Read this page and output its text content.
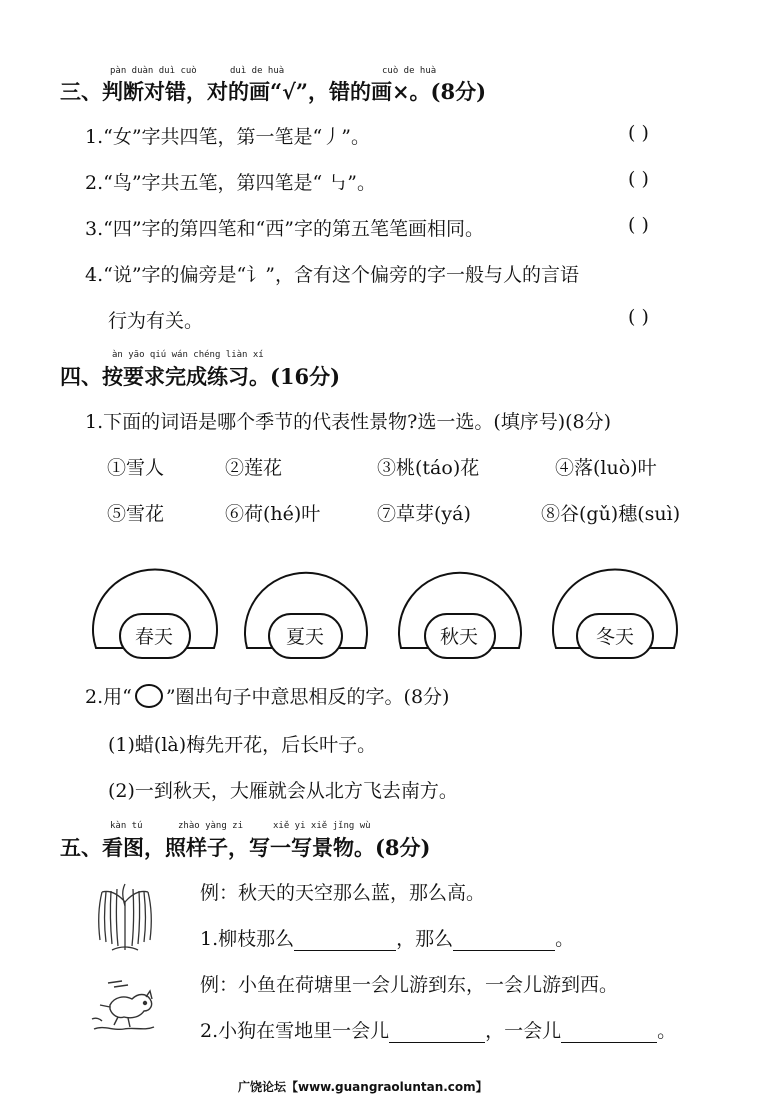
pàn duàn duì cuò	duì de huà	cuò de huà
三、判断对错，对的画“√”，错的画×。(8分)
1.“女”字共四笔，第一笔是“丿”。	( )
2.“鸟”字共五笔，第四笔是“ ㇉”。	( )
3.“四”字的第四笔和“西”字的第五笔笔画相同。	( )
4.“说”字的偏旁是“讠”，含有这个偏旁的字一般与人的言语
行为有关。	( )
àn yāo qiú wán chéng liàn xí
四、按要求完成练习。(16分)
1.下面的词语是哪个季节的代表性景物?选一选。(填序号)(8分)
①雪人	②莲花	③桃(táo)花	④落(luò)叶
⑤雪花	⑥荷(hé)叶	⑦草芽(yá)	⑧谷(gǔ)穗(suì)
春天	夏天	秋天	冬天
2.用“ ”圈出句子中意思相反的字。(8分)
(1)蜡(là)梅先开花，后长叶子。
(2)一到秋天，大雁就会从北方飞去南方。
kàn tú	zhào yàng zi	xiě yi xiě jǐng wù
五、看图，照样子，写一写景物。(8分)
例：秋天的天空那么蓝，那么高。
1.柳枝那么	，那么	。
例：小鱼在荷塘里一会儿游到东，一会儿游到西。
2.小狗在雪地里一会儿	，一会儿	。
广饶论坛【www.guangraoluntan.com】
